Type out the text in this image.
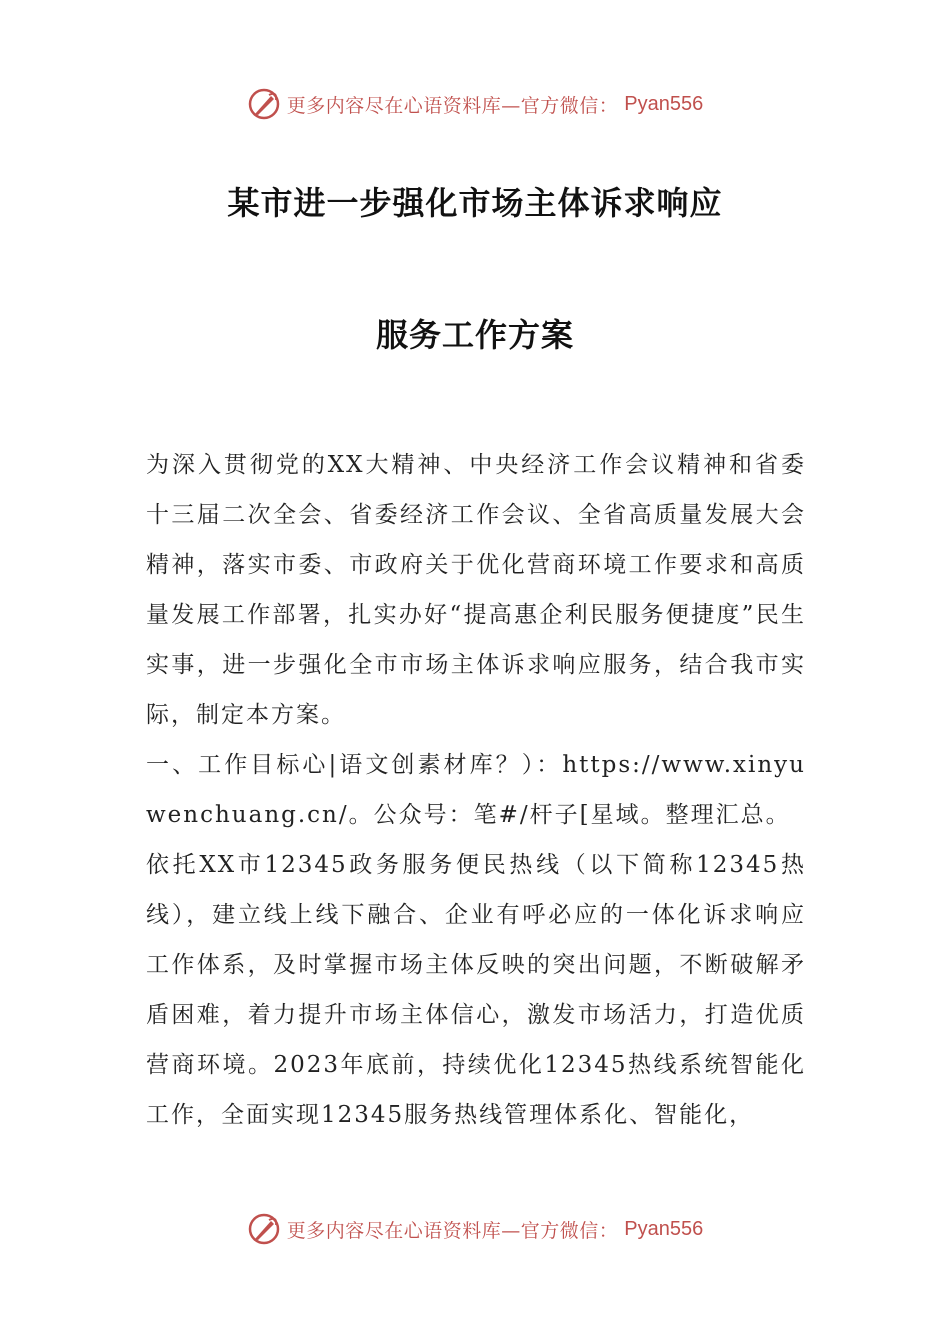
更多内容尽在心语资料库—官方微信： Pyan556
某市进一步强化市场主体诉求响应
服务工作方案

为深入贯彻党的XX大精神、中央经济工作会议精神和省委十三届二次全会、省委经济工作会议、全省高质量发展大会精神，落实市委、市政府关于优化营商环境工作要求和高质量发展工作部署，扎实办好“提高惠企利民服务便捷度”民生实事，进一步强化全市市场主体诉求响应服务，结合我市实际，制定本方案。

一、工作目标心|语文创素材库？）：https://www.xinyuwenchuang.cn/。公众号：笔#/杆子[星域。整理汇总。

依托XX市12345政务服务便民热线（以下简称12345热线），建立线上线下融合、企业有呼必应的一体化诉求响应工作体系，及时掌握市场主体反映的突出问题，不断破解矛盾困难，着力提升市场主体信心，激发市场活力，打造优质营商环境。2023年底前，持续优化12345热线系统智能化工作，全面实现12345服务热线管理体系化、智能化，

更多内容尽在心语资料库—官方微信： Pyan556
